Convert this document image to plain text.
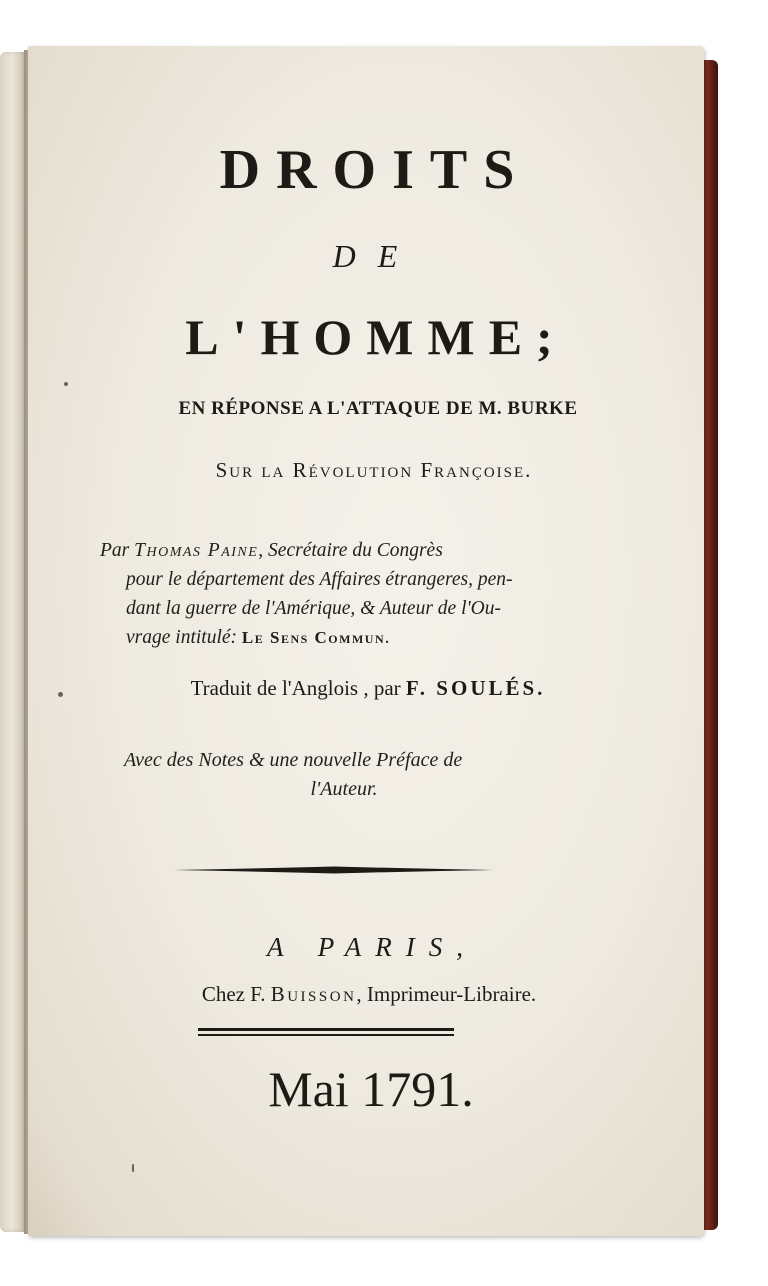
DROITS
DE
L'HOMME;
EN RÉPONSE A L'ATTAQUE DE M. BURKE
Sur la Révolution Françoise.
Par Thomas Paine, Secrétaire du Congrès
pour le département des Affaires étrangeres, pen-
dant la guerre de l'Amérique, & Auteur de l'Ou-
vrage intitulé: Le Sens Commun.
Traduit de l'Anglois , par F. SOULÉS.
Avec des Notes & une nouvelle Préface de
l'Auteur.
A PARIS,
Chez F. Buisson, Imprimeur-Libraire.
Mai 1791.
